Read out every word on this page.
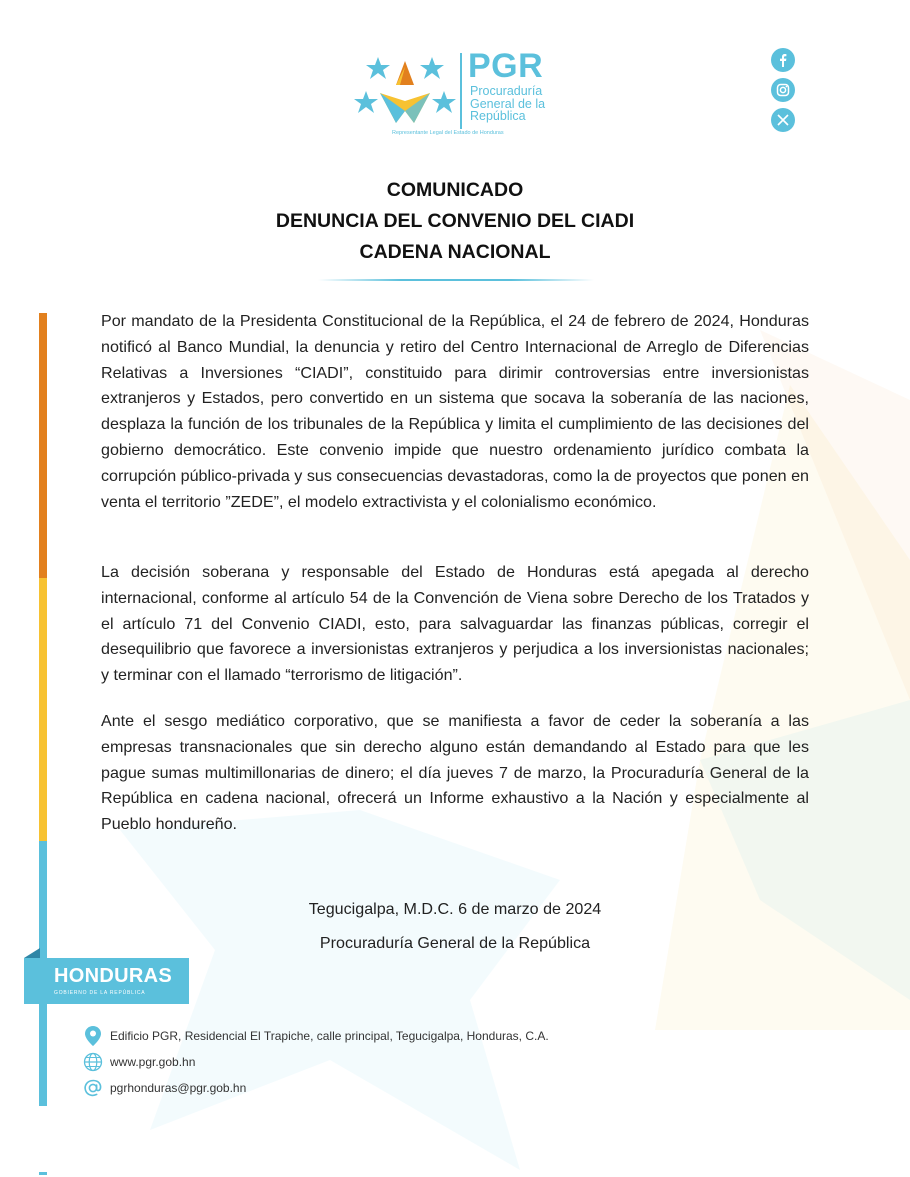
PGR
Procuraduría
General de la
República
Representante Legal del Estado de Honduras
COMUNICADO
DENUNCIA DEL CONVENIO DEL CIADI
CADENA NACIONAL
Por mandato de la Presidenta Constitucional de la República, el 24 de febrero de 2024, Honduras notificó al Banco Mundial, la denuncia y retiro del Centro Internacional de Arreglo de Diferencias Relativas a Inversiones “CIADI”, constituido para dirimir controversias entre inversionistas extranjeros y Estados, pero convertido en un sistema que socava la soberanía de las naciones, desplaza la función de los tribunales de la República y limita el cumplimiento de las decisiones del gobierno democrático. Este convenio impide que nuestro ordenamiento jurídico combata la corrupción público-privada y sus consecuencias devastadoras, como la de proyectos que ponen en venta el territorio ”ZEDE”, el modelo extractivista y el colonialismo económico.
La decisión soberana y responsable del Estado de Honduras está apegada al derecho internacional, conforme al artículo 54 de la Convención de Viena sobre Derecho de los Tratados y el artículo 71 del Convenio CIADI, esto, para salvaguardar las finanzas públicas, corregir el desequilibrio que favorece a inversionistas extranjeros y perjudica a los inversionistas nacionales; y terminar con el llamado “terrorismo de litigación”.
Ante el sesgo mediático corporativo, que se manifiesta a favor de ceder la soberanía a las empresas transnacionales que sin derecho alguno están demandando al Estado para que les pague sumas multimillonarias de dinero; el día jueves 7 de marzo, la Procuraduría General de la República en cadena nacional, ofrecerá un Informe exhaustivo a la Nación y especialmente al Pueblo hondureño.
Tegucigalpa, M.D.C. 6 de marzo de 2024
Procuraduría General de la República
HONDURAS
GOBIERNO DE LA REPÚBLICA
Edificio PGR, Residencial El Trapiche, calle principal, Tegucigalpa, Honduras, C.A.
www.pgr.gob.hn
pgrhonduras@pgr.gob.hn
